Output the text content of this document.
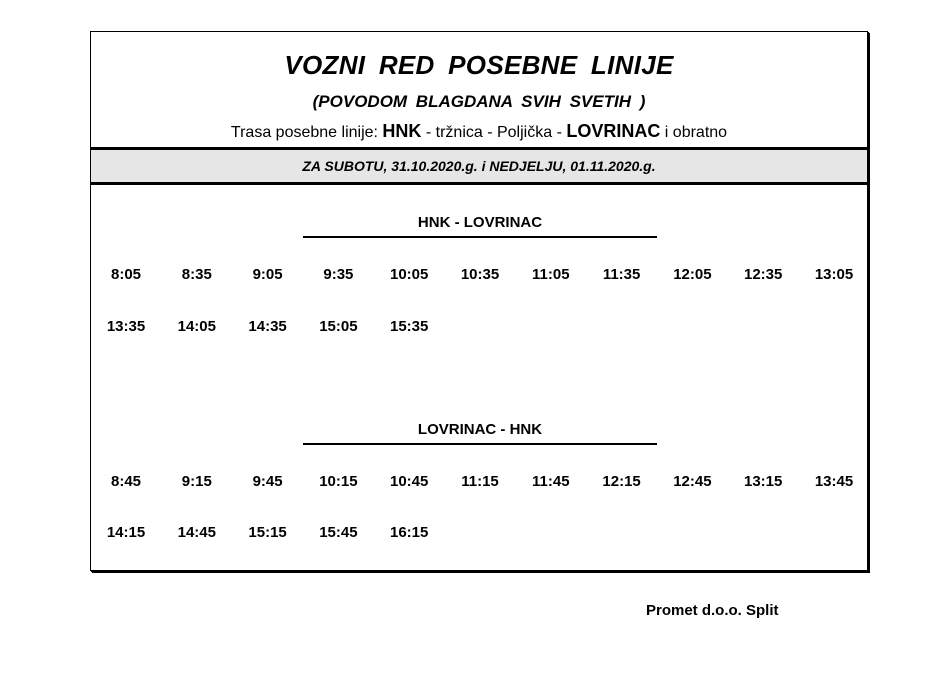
VOZNI RED POSEBNE LINIJE
(POVODOM BLAGDANA SVIH SVETIH )
Trasa posebne linije: HNK - tržnica - Poljička - LOVRINAC i obratno
ZA SUBOTU, 31.10.2020.g. i NEDJELJU, 01.11.2020.g.
HNK - LOVRINAC
8:05	8:35	9:05	9:35	10:05	10:35	11:05	11:35	12:05	12:35	13:05
13:35	14:05	14:35	15:05	15:35
LOVRINAC - HNK
8:45	9:15	9:45	10:15	10:45	11:15	11:45	12:15	12:45	13:15	13:45
14:15	14:45	15:15	15:45	16:15
Promet d.o.o. Split
